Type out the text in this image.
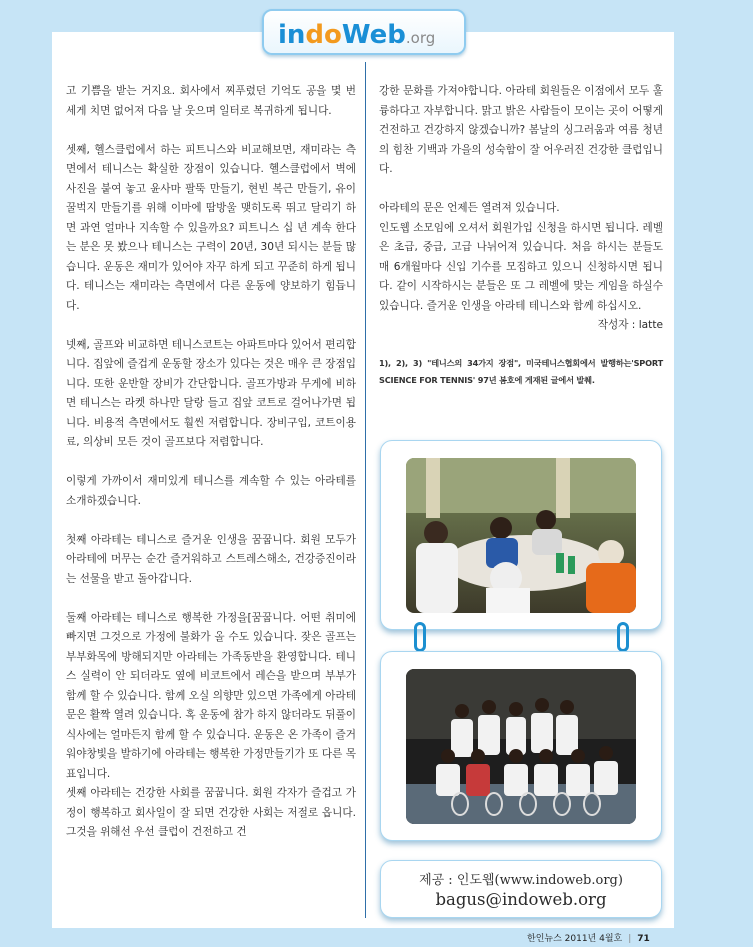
indoWeb.org

고 기쁨을 받는 거지요. 회사에서 찌푸렸던 기억도 공을 몇 번 세게 치면 없어져 다음 날 웃으며 일터로 복귀하게 됩니다.

셋째, 헬스클럽에서 하는 피트니스와 비교해보면, 재미라는 측면에서 테니스는 확실한 장점이 있습니다. 헬스클럽에서 벽에 사진을 붙여 놓고 윤사마 팔뚝 만들기, 현빈 복근 만들기, 유이 꿀벅지 만들기를 위해 이마에 땀방울 맺히도록 뛰고 달리기 하면 과연 얼마나 지속할 수 있을까요? 피트니스 십 년 계속 한다는 분은 못 봤으나 테니스는 구력이 20년, 30년 되시는 분들 많습니다. 운동은 재미가 있어야 자꾸 하게 되고 꾸준히 하게 됩니다. 테니스는 재미라는 측면에서 다른 운동에 양보하기 힘듭니다.

넷째, 골프와 비교하면 테니스코트는 아파트마다 있어서 편리합니다. 집앞에 즐겁게 운동할 장소가 있다는 것은 매우 큰 장점입니다. 또한 운반할 장비가 간단합니다. 골프가방과 무게에 비하면 테니스는 라켓 하나만 달랑 들고 집앞 코트로 걸어나가면 됩니다. 비용적 측면에서도 훨씬 저렴합니다. 장비구입, 코트이용료, 의상비 모든 것이 골프보다 저렴합니다.

이렇게 가까이서 재미있게 테니스를 계속할 수 있는 아라테를 소개하겠습니다.

첫째 아라테는 테니스로 즐거운 인생을 꿈꿉니다. 회원 모두가 아라테에 머무는 순간 즐거워하고 스트레스해소, 건강증진이라는 선물을 받고 돌아갑니다.

둘째 아라테는 테니스로 행복한 가정을[꿈꿉니다. 어떤 취미에 빠지면 그것으로 가정에 불화가 올 수도 있습니다. 잦은 골프는 부부화목에 방해되지만 아라테는 가족동반을 환영합니다. 테니스 실력이 안 되더라도 옆에 비코트에서 레슨을 받으며 부부가 함께 할 수 있습니다. 함께 오실 의향만 있으면 가족에게 아라테 문은 활짝 열려 있습니다. 혹 운동에 참가 하지 않더라도 뒤풀이 식사에는 얼마든지 함께 할 수 있습니다. 운동은 온 가족이 즐거워야창빛을 발하기에 아라테는 행복한 가정만들기가 또 다른 목표입니다.

셋째 아라테는 건강한 사회를 꿈꿉니다. 회원 각자가 즐겁고 가정이 행복하고 회사일이 잘 되면 건강한 사회는 저절로 옵니다. 그것을 위해선 우선 클럽이 건전하고 건

강한 문화를 가져야합니다. 아라테 회원들은 이점에서 모두 훌륭하다고 자부합니다. 맑고 밝은 사람들이 모이는 곳이 어떻게 건전하고 건강하지 않겠습니까? 봄날의 싱그러움과 여름 청년의 힘찬 기백과 가을의 성숙함이 잘 어우러진 건강한 클럽입니다.

아라테의 문은 언제든 열려져 있습니다.

인도웹 소모임에 오셔서 회원가입 신청을 하시면 됩니다. 레벨은 초급, 중급, 고급 나뉘어져 있습니다. 처음 하시는 분들도 매 6개월마다 신입 기수를 모집하고 있으니 신청하시면 됩니다. 같이 시작하시는 분들은 또 그 레벨에 맞는 게임을 하실수 있습니다. 즐거운 인생을 아라테 테니스와 함께 하십시오.

작성자 : latte

1), 2), 3) "테니스의 34가지 장점", 미국테니스협회에서 발행하는'SPORT SCIENCE FOR TENNIS' 97년 봄호에 게재된 글에서 발췌.

제공 : 인도웹(www.indoweb.org)
bagus@indoweb.org
한인뉴스 2011년 4월호 | 71
